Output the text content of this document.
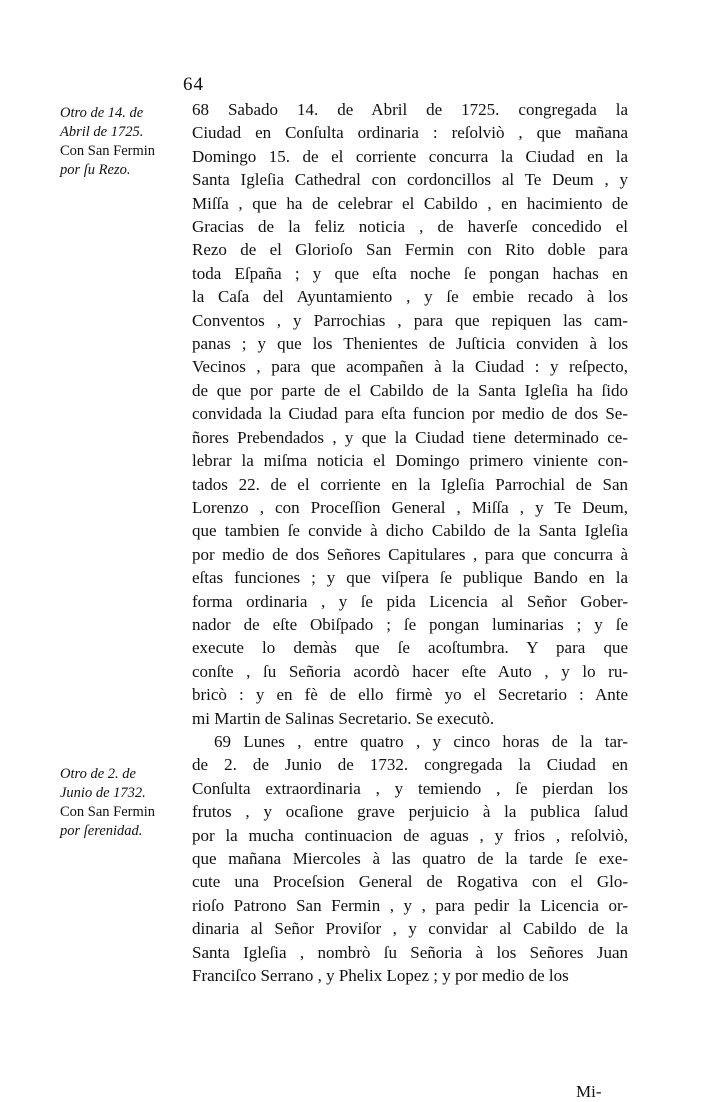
64
Otro de 14. de
Abril de 1725.
Con San Fermin
por ſu Rezo.
Otro de 2. de
Junio de 1732.
Con San Fermin
por ſerenidad.
68 Sabado 14. de Abril de 1725. congregada la
Ciudad en Conſulta ordinaria : reſolviò , que mañana
Domingo 15. de el corriente concurra la Ciudad en la
Santa Igleſia Cathedral con cordoncillos al Te Deum , y
Miſſa , que ha de celebrar el Cabildo , en hacimiento de
Gracias de la feliz noticia , de haverſe concedido el
Rezo de el Glorioſo San Fermin con Rito doble para
toda Eſpaña ; y que eſta noche ſe pongan hachas en
la Caſa del Ayuntamiento , y ſe embie recado à los
Conventos , y Parrochias , para que repiquen las cam-
panas ; y que los Thenientes de Juſticia conviden à los
Vecinos , para que acompañen à la Ciudad : y reſpecto,
de que por parte de el Cabildo de la Santa Igleſia ha ſido
convidada la Ciudad para eſta funcion por medio de dos Se-
ñores Prebendados , y que la Ciudad tiene determinado ce-
lebrar la miſma noticia el Domingo primero viniente con-
tados 22. de el corriente en la Igleſia Parrochial de San
Lorenzo , con Proceſſion General , Miſſa , y Te Deum,
que tambien ſe convide à dicho Cabildo de la Santa Igleſia
por medio de dos Señores Capitulares , para que concurra à
eſtas funciones ; y que viſpera ſe publique Bando en la
forma ordinaria , y ſe pida Licencia al Señor Gober-
nador de eſte Obiſpado ; ſe pongan luminarias ; y ſe
execute lo demàs que ſe acoſtumbra. Y para que
conſte , ſu Señoria acordò hacer eſte Auto , y lo ru-
bricò : y en fè de ello firmè yo el Secretario : Ante
mi Martin de Salinas Secretario. Se executò.
69 Lunes , entre quatro , y cinco horas de la tar-
de 2. de Junio de 1732. congregada la Ciudad en
Conſulta extraordinaria , y temiendo , ſe pierdan los
frutos , y ocaſione grave perjuicio à la publica ſalud
por la mucha continuacion de aguas , y frios , reſolviò,
que mañana Miercoles à las quatro de la tarde ſe exe-
cute una Proceſsion General de Rogativa con el Glo-
rioſo Patrono San Fermin , y , para pedir la Licencia or-
dinaria al Señor Proviſor , y convidar al Cabildo de la
Santa Igleſia , nombrò ſu Señoria à los Señores Juan
Franciſco Serrano , y Phelix Lopez ; y por medio de los
Mi-
